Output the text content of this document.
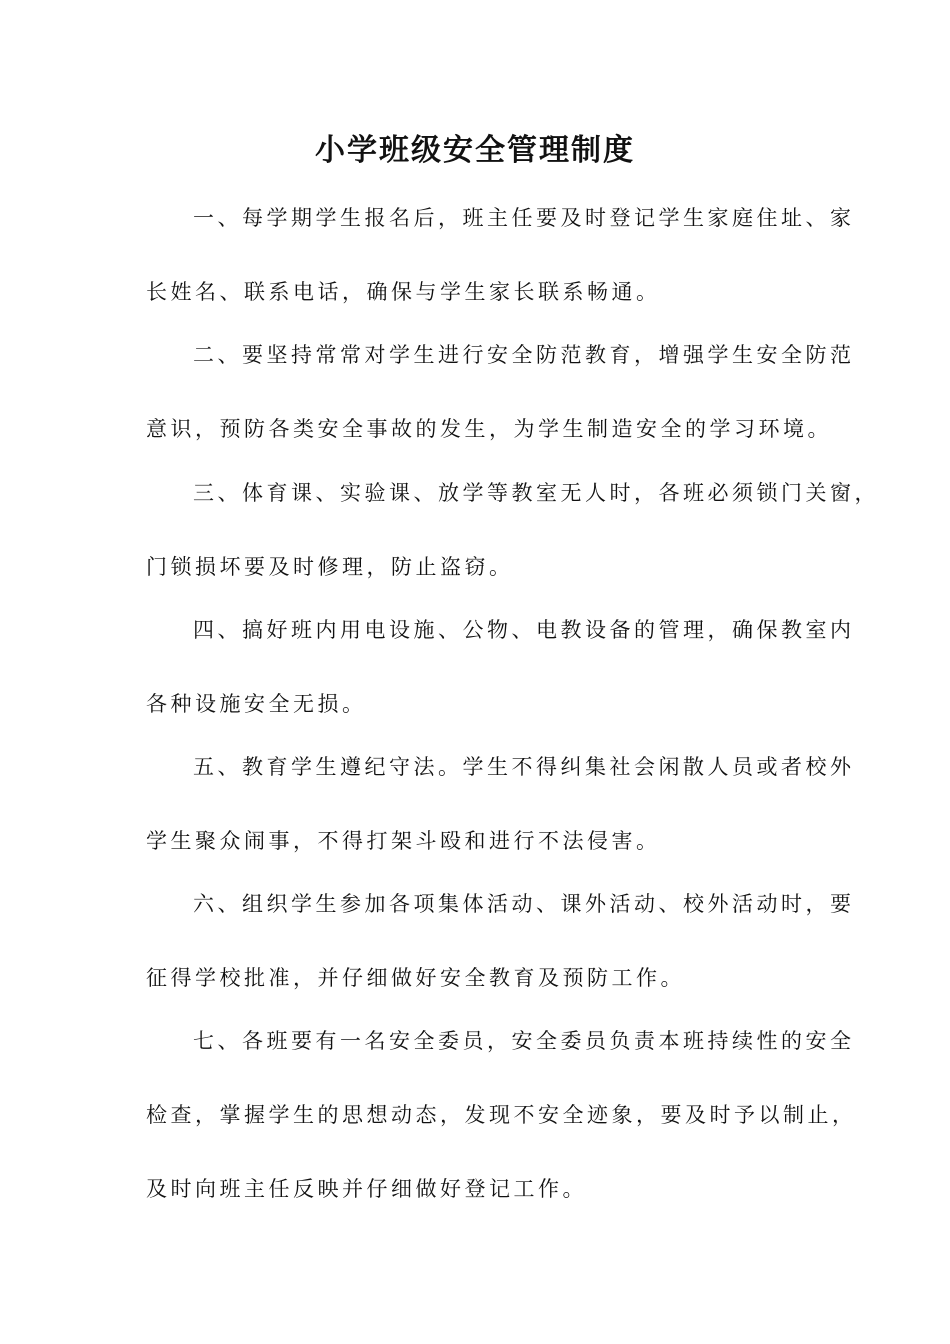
小学班级安全管理制度

一、每学期学生报名后，班主任要及时登记学生家庭住址、家

长姓名、联系电话，确保与学生家长联系畅通。

二、要坚持常常对学生进行安全防范教育，增强学生安全防范

意识，预防各类安全事故的发生，为学生制造安全的学习环境。

三、体育课、实验课、放学等教室无人时，各班必须锁门关窗，

门锁损坏要及时修理，防止盗窃。

四、搞好班内用电设施、公物、电教设备的管理，确保教室内

各种设施安全无损。

五、教育学生遵纪守法。学生不得纠集社会闲散人员或者校外

学生聚众闹事，不得打架斗殴和进行不法侵害。

六、组织学生参加各项集体活动、课外活动、校外活动时，要

征得学校批准，并仔细做好安全教育及预防工作。

七、各班要有一名安全委员，安全委员负责本班持续性的安全

检查，掌握学生的思想动态，发现不安全迹象，要及时予以制止，

及时向班主任反映并仔细做好登记工作。
